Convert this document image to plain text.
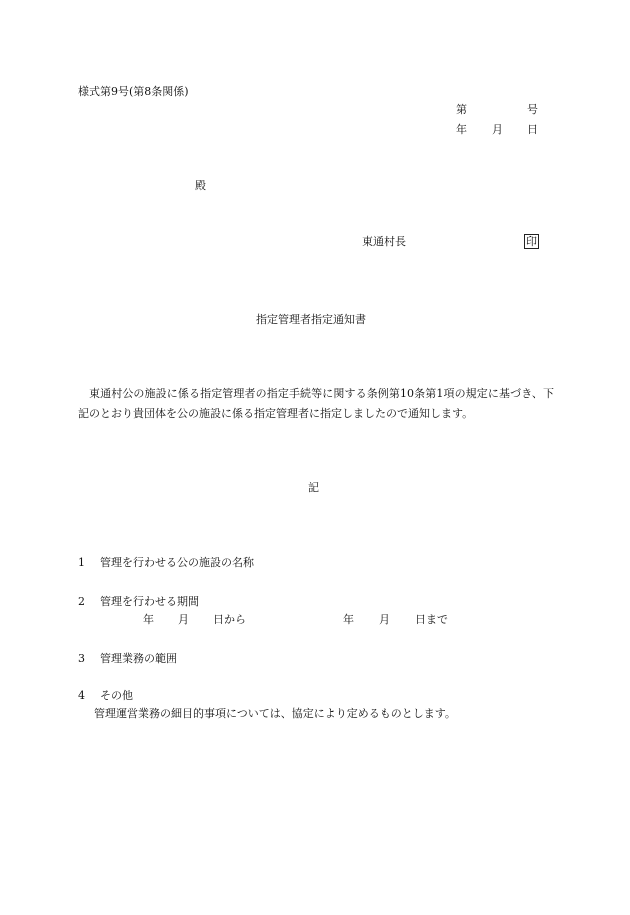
様式第9号(第8条関係)
第	号
年 月 日
殿
東通村長	印
指定管理者指定通知書
東通村公の施設に係る指定管理者の指定手続等に関する条例第10条第1項の規定に基づき、下記のとおり貴団体を公の施設に係る指定管理者に指定しましたので通知します。
記
1 管理を行わせる公の施設の名称
2 管理を行わせる期間
年 月 日から	年 月 日まで
3 管理業務の範囲
4 その他
管理運営業務の細目的事項については、協定により定めるものとします。
